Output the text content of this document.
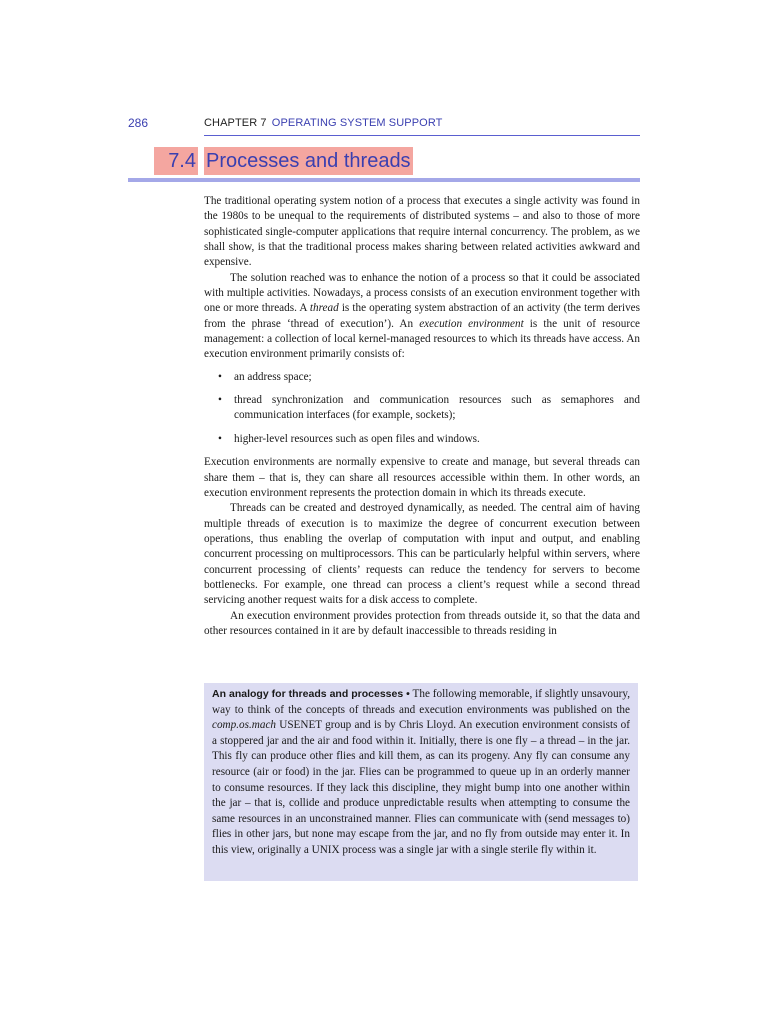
286	CHAPTER 7 OPERATING SYSTEM SUPPORT
7.4 Processes and threads

The traditional operating system notion of a process that executes a single activity was found in the 1980s to be unequal to the requirements of distributed systems – and also to those of more sophisticated single-computer applications that require internal concurrency. The problem, as we shall show, is that the traditional process makes sharing between related activities awkward and expensive.

The solution reached was to enhance the notion of a process so that it could be associated with multiple activities. Nowadays, a process consists of an execution environment together with one or more threads. A thread is the operating system abstraction of an activity (the term derives from the phrase ‘thread of execution’). An execution environment is the unit of resource management: a collection of local kernel-managed resources to which its threads have access. An execution environment primarily consists of:

• an address space;
• thread synchronization and communication resources such as semaphores and communication interfaces (for example, sockets);
• higher-level resources such as open files and windows.

Execution environments are normally expensive to create and manage, but several threads can share them – that is, they can share all resources accessible within them. In other words, an execution environment represents the protection domain in which its threads execute.

Threads can be created and destroyed dynamically, as needed. The central aim of having multiple threads of execution is to maximize the degree of concurrent execution between operations, thus enabling the overlap of computation with input and output, and enabling concurrent processing on multiprocessors. This can be particularly helpful within servers, where concurrent processing of clients’ requests can reduce the tendency for servers to become bottlenecks. For example, one thread can process a client’s request while a second thread servicing another request waits for a disk access to complete.

An execution environment provides protection from threads outside it, so that the data and other resources contained in it are by default inaccessible to threads residing in

An analogy for threads and processes • The following memorable, if slightly unsavoury, way to think of the concepts of threads and execution environments was published on the comp.os.mach USENET group and is by Chris Lloyd. An execution environment consists of a stoppered jar and the air and food within it. Initially, there is one fly – a thread – in the jar. This fly can produce other flies and kill them, as can its progeny. Any fly can consume any resource (air or food) in the jar. Flies can be programmed to queue up in an orderly manner to consume resources. If they lack this discipline, they might bump into one another within the jar – that is, collide and produce unpredictable results when attempting to consume the same resources in an unconstrained manner. Flies can communicate with (send messages to) flies in other jars, but none may escape from the jar, and no fly from outside may enter it. In this view, originally a UNIX process was a single jar with a single sterile fly within it.
